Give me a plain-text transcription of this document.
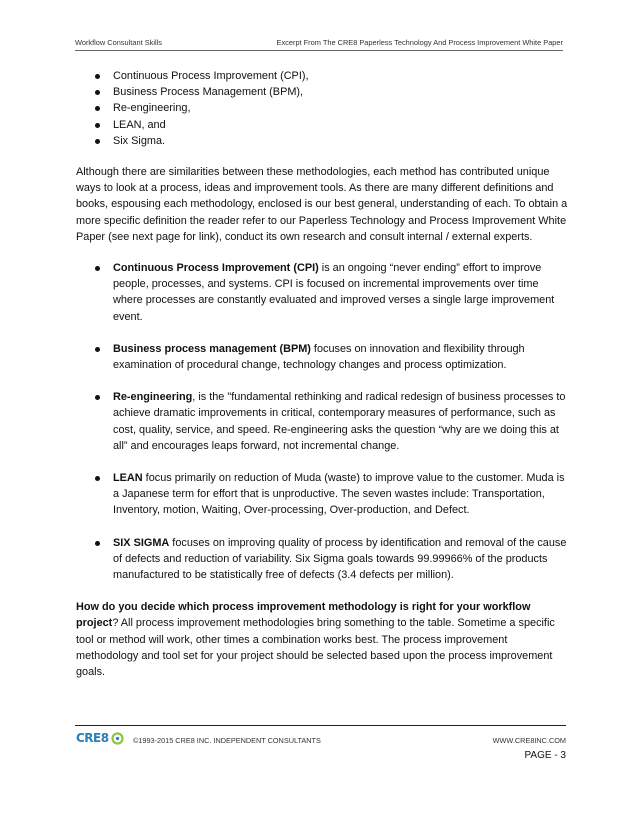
Workflow Consultant Skills	Excerpt From The CRE8 Paperless Technology And Process Improvement White Paper
Continuous Process Improvement (CPI),
Business Process Management (BPM),
Re-engineering,
LEAN, and
Six Sigma.

Although there are similarities between these methodologies, each method has contributed unique ways to look at a process, ideas and improvement tools. As there are many different definitions and books, espousing each methodology, enclosed is our best general, understanding of each. To obtain a more specific definition the reader refer to our Paperless Technology and Process Improvement White Paper (see next page for link), conduct its own research and consult internal / external experts.

Continuous Process Improvement (CPI) is an ongoing “never ending” effort to improve people, processes, and systems. CPI is focused on incremental improvements over time where processes are constantly evaluated and improved verses a single large improvement event.
Business process management (BPM) focuses on innovation and flexibility through examination of procedural change, technology changes and process optimization.
Re-engineering, is the "fundamental rethinking and radical redesign of business processes to achieve dramatic improvements in critical, contemporary measures of performance, such as cost, quality, service, and speed. Re-engineering asks the question “why are we doing this at all” and encourages leaps forward, not incremental change.
LEAN focus primarily on reduction of Muda (waste) to improve value to the customer. Muda is a Japanese term for effort that is unproductive. The seven wastes include: Transportation, Inventory, motion, Waiting, Over-processing, Over-production, and Defect.
SIX SIGMA focuses on improving quality of process by identification and removal of the cause of defects and reduction of variability. Six Sigma goals towards 99.99966% of the products manufactured to be statistically free of defects (3.4 defects per million).

How do you decide which process improvement methodology is right for your workflow project? All process improvement methodologies bring something to the table. Sometime a specific tool or method will work, other times a combination works best. The process improvement methodology and tool set for your project should be selected based upon the process improvement goals.

CRE8	©1993-2015 CRE8 INC. INDEPENDENT CONSULTANTS	WWW.CRE8INC.COM
PAGE - 3
